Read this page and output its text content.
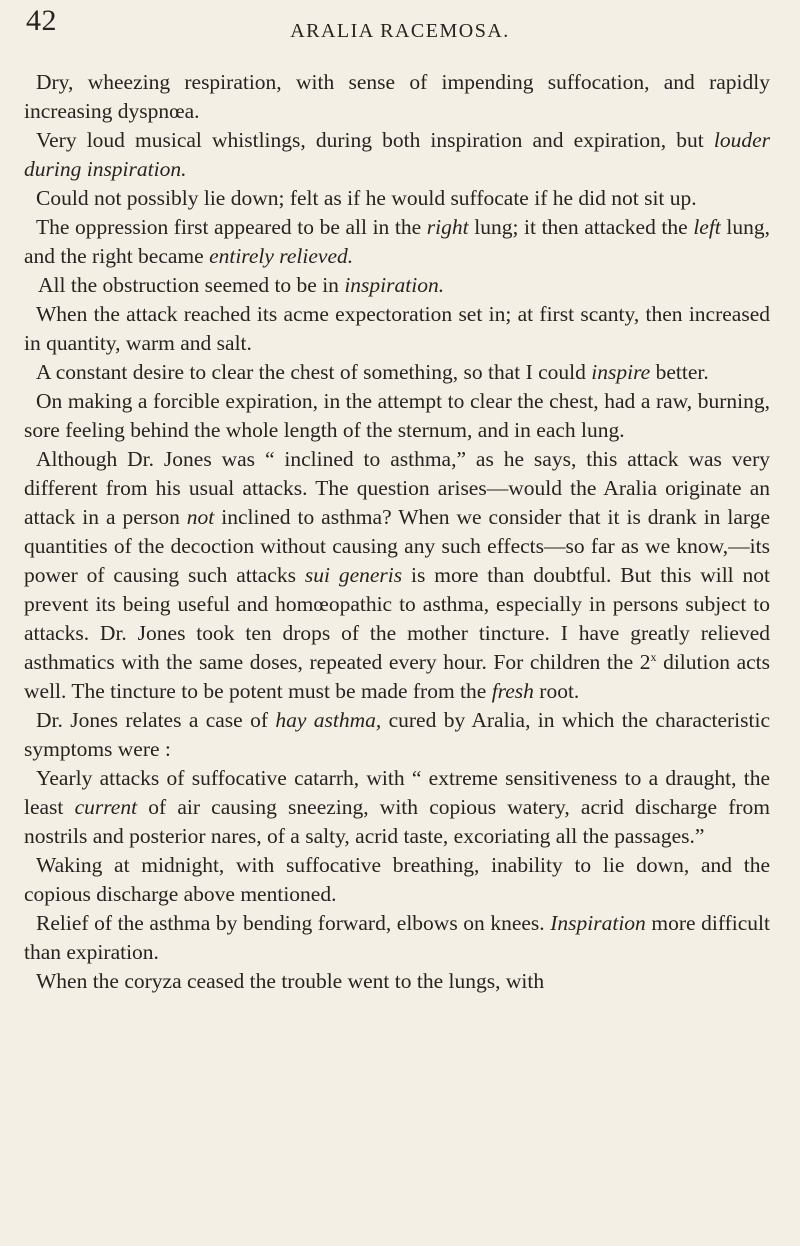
42	ARALIA RACEMOSA.

Dry, wheezing respiration, with sense of impending suffocation, and rapidly increasing dyspnœa.

Very loud musical whistlings, during both inspiration and expiration, but louder during inspiration.

Could not possibly lie down; felt as if he would suffocate if he did not sit up.

The oppression first appeared to be all in the right lung; it then attacked the left lung, and the right became entirely relieved.

All the obstruction seemed to be in inspiration.

When the attack reached its acme expectoration set in; at first scanty, then increased in quantity, warm and salt.

A constant desire to clear the chest of something, so that I could inspire better.

On making a forcible expiration, in the attempt to clear the chest, had a raw, burning, sore feeling behind the whole length of the sternum, and in each lung.

Although Dr. Jones was “ inclined to asthma,” as he says, this attack was very different from his usual attacks. The question arises—would the Aralia originate an attack in a person not inclined to asthma? When we consider that it is drank in large quantities of the decoction without causing any such effects—so far as we know,—its power of causing such attacks sui generis is more than doubtful. But this will not prevent its being useful and homœopathic to asthma, especially in persons subject to attacks. Dr. Jones took ten drops of the mother tincture. I have greatly relieved asthmatics with the same doses, repeated every hour. For children the 2$^x$ dilution acts well. The tincture to be potent must be made from the fresh root.

Dr. Jones relates a case of hay asthma, cured by Aralia, in which the characteristic symptoms were :

Yearly attacks of suffocative catarrh, with “ extreme sensitiveness to a draught, the least current of air causing sneezing, with copious watery, acrid discharge from nostrils and posterior nares, of a salty, acrid taste, excoriating all the passages.”

Waking at midnight, with suffocative breathing, inability to lie down, and the copious discharge above mentioned.

Relief of the asthma by bending forward, elbows on knees. Inspiration more difficult than expiration.

When the coryza ceased the trouble went to the lungs, with
